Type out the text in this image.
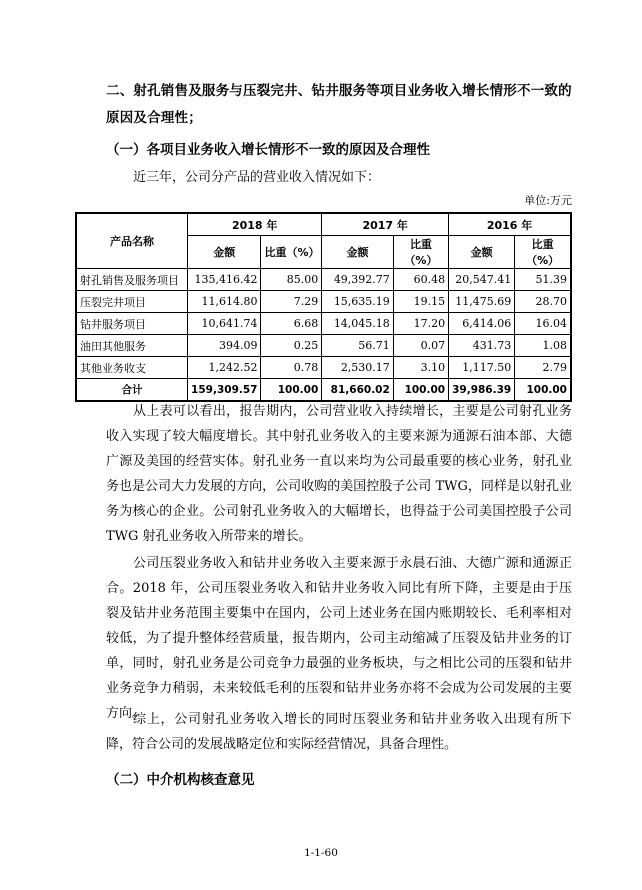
二、射孔销售及服务与压裂完井、钻井服务等项目业务收入增长情形不一致的原因及合理性；
（一）各项目业务收入增长情形不一致的原因及合理性
近三年，公司分产品的营业收入情况如下：
单位:万元
产品名称	2018 年		2017 年		2016 年	
	金额	比重（%）	金额	比重（%）	金额	比重（%）
射孔销售及服务项目	135,416.42	85.00	49,392.77	60.48	20,547.41	51.39
压裂完井项目	11,614.80	7.29	15,635.19	19.15	11,475.69	28.70
钻井服务项目	10,641.74	6.68	14,045.18	17.20	6,414.06	16.04
油田其他服务	394.09	0.25	56.71	0.07	431.73	1.08
其他业务收支	1,242.52	0.78	2,530.17	3.10	1,117.50	2.79
合计	159,309.57	100.00	81,660.02	100.00	39,986.39	100.00

从上表可以看出，报告期内，公司营业收入持续增长，主要是公司射孔业务收入实现了较大幅度增长。其中射孔业务收入的主要来源为通源石油本部、大德广源及美国的经营实体。射孔业务一直以来均为公司最重要的核心业务，射孔业务也是公司大力发展的方向，公司收购的美国控股子公司 TWG，同样是以射孔业务为核心的企业。公司射孔业务收入的大幅增长，也得益于公司美国控股子公司 TWG 射孔业务收入所带来的增长。

公司压裂业务收入和钻井业务收入主要来源于永晨石油、大德广源和通源正合。2018 年，公司压裂业务收入和钻井业务收入同比有所下降，主要是由于压裂及钻井业务范围主要集中在国内，公司上述业务在国内账期较长、毛利率相对较低，为了提升整体经营质量，报告期内，公司主动缩减了压裂及钻井业务的订单，同时，射孔业务是公司竞争力最强的业务板块，与之相比公司的压裂和钻井业务竞争力稍弱，未来较低毛利的压裂和钻井业务亦将不会成为公司发展的主要方向。

综上，公司射孔业务收入增长的同时压裂业务和钻井业务收入出现有所下降，符合公司的发展战略定位和实际经营情况，具备合理性。

（二）中介机构核查意见
1-1-60
